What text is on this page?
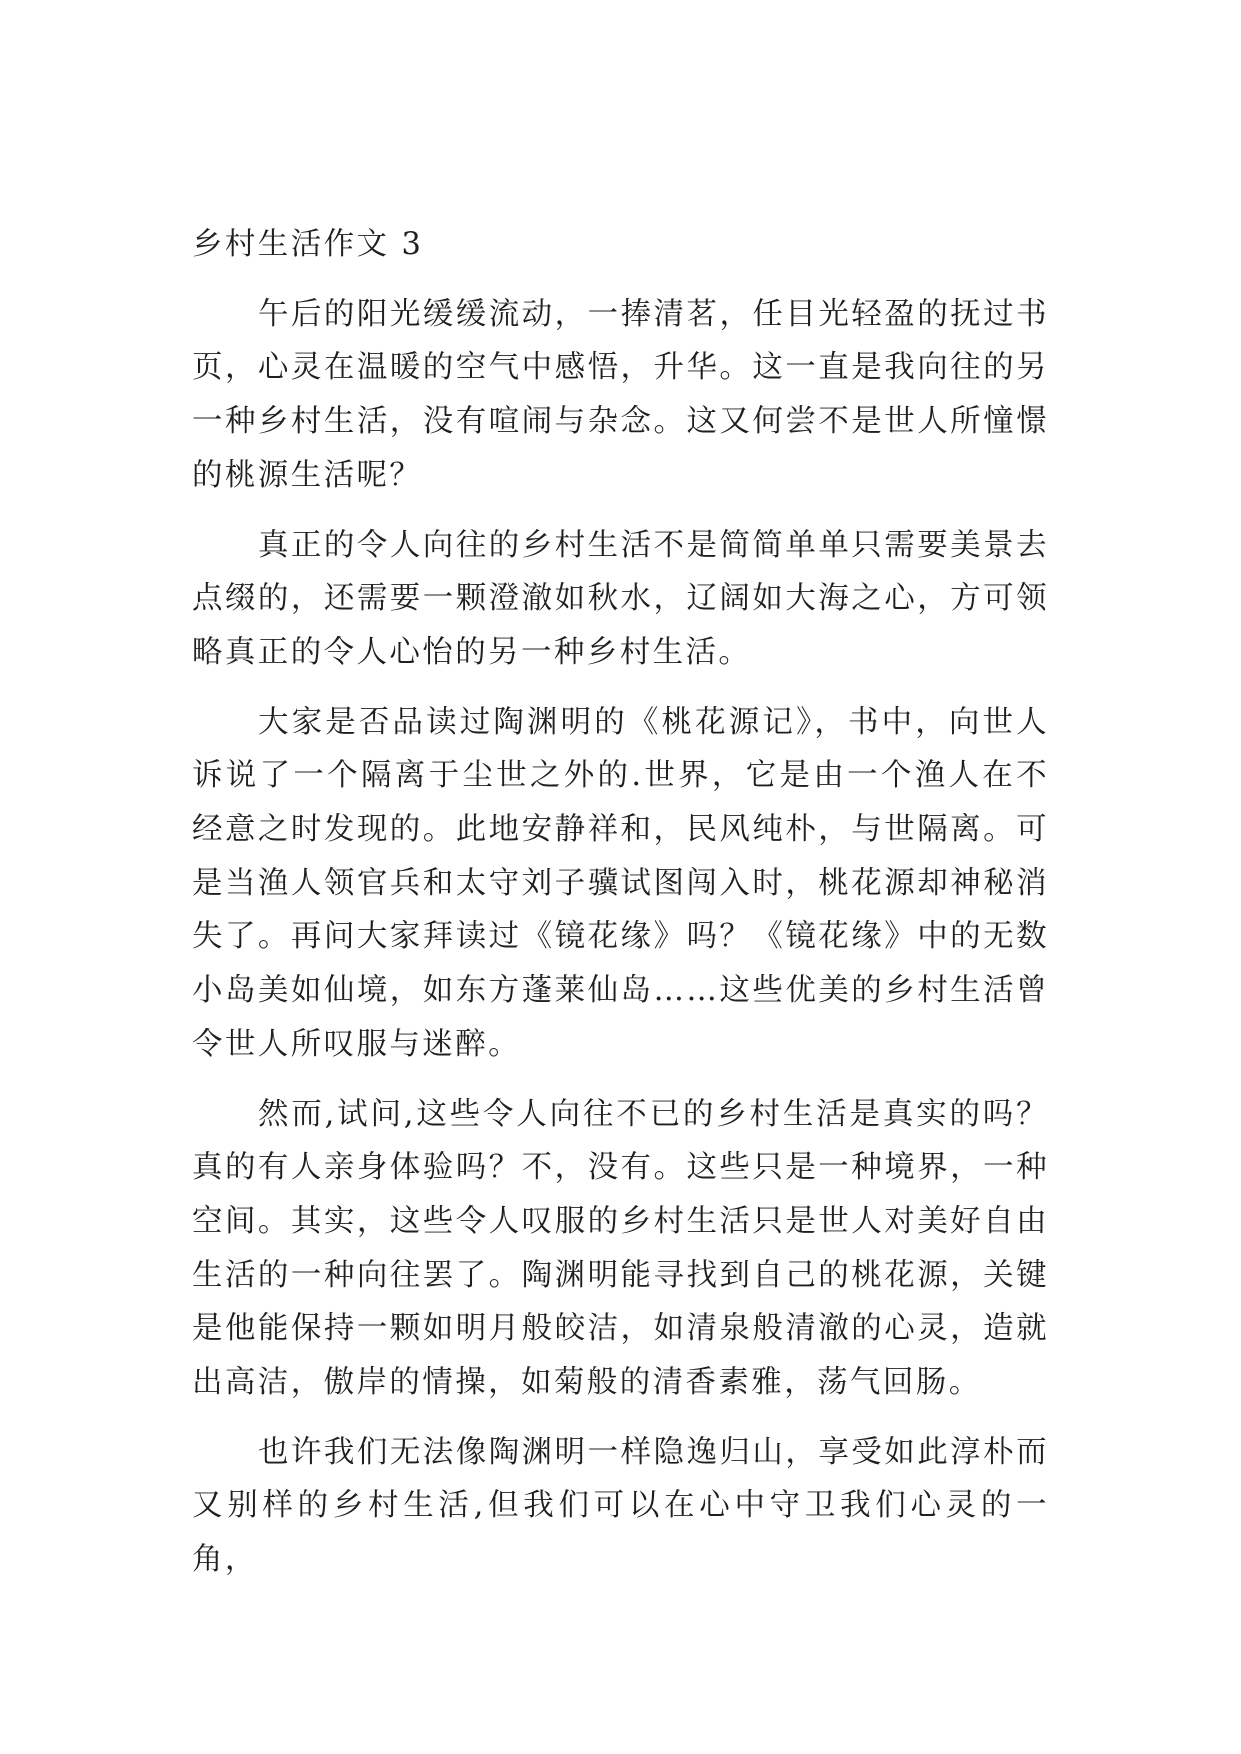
乡村生活作文 3

午后的阳光缓缓流动，一捧清茗，任目光轻盈的抚过书页，心灵在温暖的空气中感悟，升华。这一直是我向往的另一种乡村生活，没有喧闹与杂念。这又何尝不是世人所憧憬的桃源生活呢？

真正的令人向往的乡村生活不是简简单单只需要美景去点缀的，还需要一颗澄澈如秋水，辽阔如大海之心，方可领略真正的令人心怡的另一种乡村生活。

大家是否品读过陶渊明的《桃花源记》，书中，向世人诉说了一个隔离于尘世之外的.世界，它是由一个渔人在不经意之时发现的。此地安静祥和，民风纯朴，与世隔离。可是当渔人领官兵和太守刘子骥试图闯入时，桃花源却神秘消失了。再问大家拜读过《镜花缘》吗？《镜花缘》中的无数小岛美如仙境，如东方蓬莱仙岛……这些优美的乡村生活曾令世人所叹服与迷醉。

然而,试问,这些令人向往不已的乡村生活是真实的吗？真的有人亲身体验吗？不，没有。这些只是一种境界，一种空间。其实，这些令人叹服的乡村生活只是世人对美好自由生活的一种向往罢了。陶渊明能寻找到自己的桃花源，关键是他能保持一颗如明月般皎洁，如清泉般清澈的心灵，造就出高洁，傲岸的情操，如菊般的清香素雅，荡气回肠。

也许我们无法像陶渊明一样隐逸归山，享受如此淳朴而又别样的乡村生活,但我们可以在心中守卫我们心灵的一角，
